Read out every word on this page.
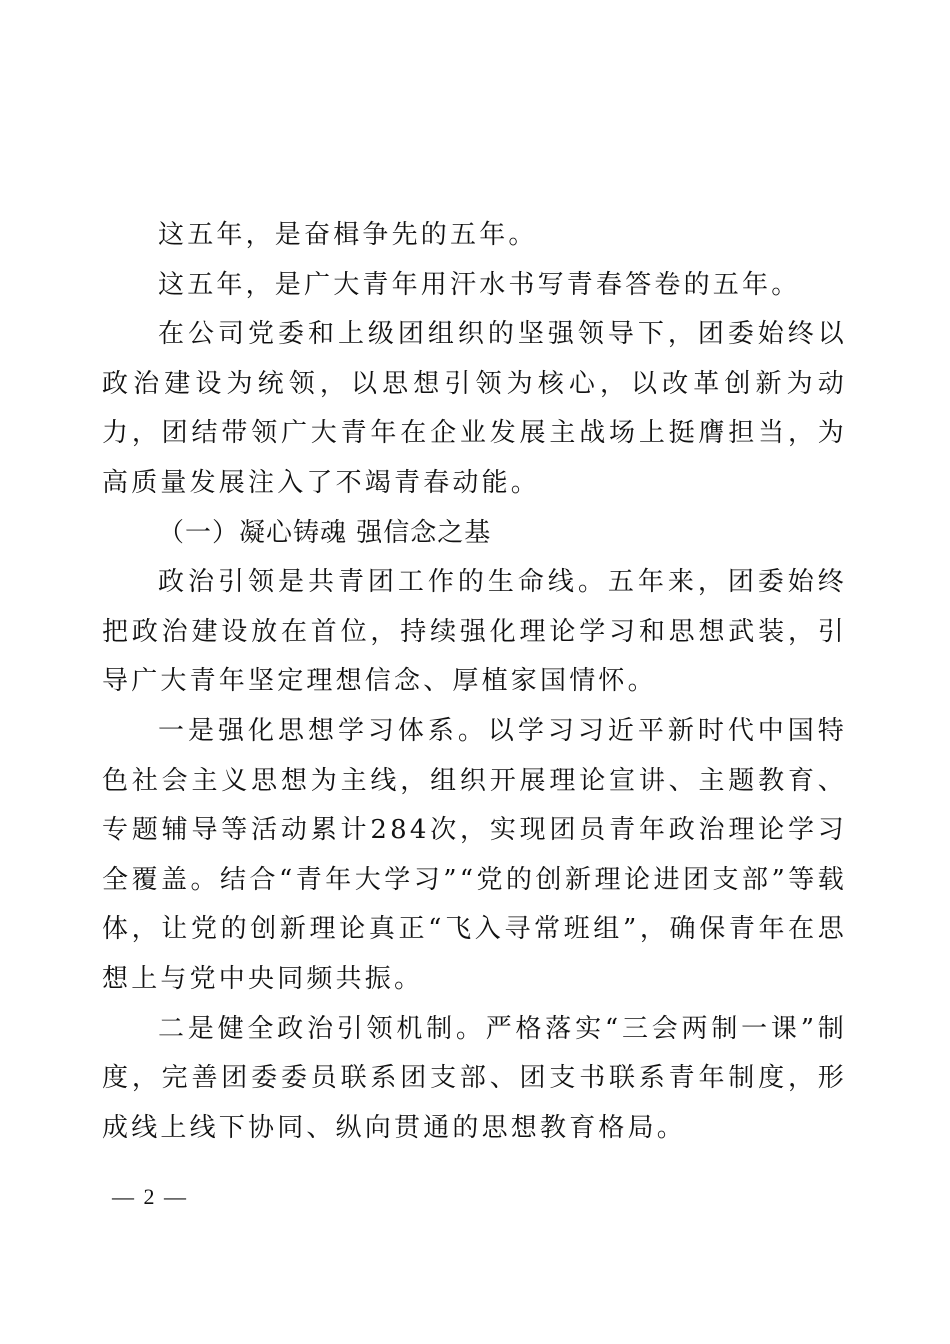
这五年，是奋楫争先的五年。

这五年，是广大青年用汗水书写青春答卷的五年。

在公司党委和上级团组织的坚强领导下，团委始终以政治建设为统领，以思想引领为核心，以改革创新为动力，团结带领广大青年在企业发展主战场上挺膺担当，为高质量发展注入了不竭青春动能。

（一）凝心铸魂 强信念之基

政治引领是共青团工作的生命线。五年来，团委始终把政治建设放在首位，持续强化理论学习和思想武装，引导广大青年坚定理想信念、厚植家国情怀。

一是强化思想学习体系。以学习习近平新时代中国特色社会主义思想为主线，组织开展理论宣讲、主题教育、专题辅导等活动累计284次，实现团员青年政治理论学习全覆盖。结合“青年大学习”“党的创新理论进团支部”等载体，让党的创新理论真正“飞入寻常班组”，确保青年在思想上与党中央同频共振。

二是健全政治引领机制。严格落实“三会两制一课”制度，完善团委委员联系团支部、团支书联系青年制度，形成线上线下协同、纵向贯通的思想教育格局。

— 2 —
